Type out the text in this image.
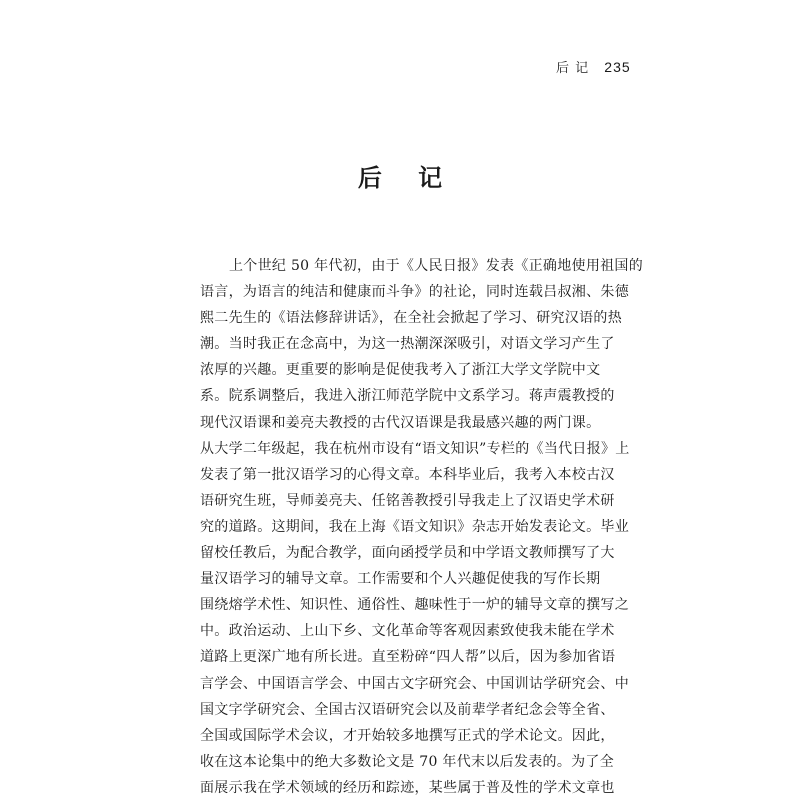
后 记 235
后 记
上个世纪 50 年代初，由于《人民日报》发表《正确地使用祖国的
语言，为语言的纯洁和健康而斗争》的社论，同时连载吕叔湘、朱德
熙二先生的《语法修辞讲话》，在全社会掀起了学习、研究汉语的热
潮。当时我正在念高中，为这一热潮深深吸引，对语文学习产生了
浓厚的兴趣。更重要的影响是促使我考入了浙江大学文学院中文
系。院系调整后，我进入浙江师范学院中文系学习。蒋声震教授的
现代汉语课和姜亮夫教授的古代汉语课是我最感兴趣的两门课。
从大学二年级起，我在杭州市设有“语文知识”专栏的《当代日报》上
发表了第一批汉语学习的心得文章。本科毕业后，我考入本校古汉
语研究生班，导师姜亮夫、任铭善教授引导我走上了汉语史学术研
究的道路。这期间，我在上海《语文知识》杂志开始发表论文。毕业
留校任教后，为配合教学，面向函授学员和中学语文教师撰写了大
量汉语学习的辅导文章。工作需要和个人兴趣促使我的写作长期
围绕熔学术性、知识性、通俗性、趣味性于一炉的辅导文章的撰写之
中。政治运动、上山下乡、文化革命等客观因素致使我未能在学术
道路上更深广地有所长进。直至粉碎“四人帮”以后，因为参加省语
言学会、中国语言学会、中国古文字研究会、中国训诂学研究会、中
国文字学研究会、全国古汉语研究会以及前辈学者纪念会等全省、
全国或国际学术会议，才开始较多地撰写正式的学术论文。因此，
收在这本论集中的绝大多数论文是 70 年代末以后发表的。为了全
面展示我在学术领域的经历和踪迹，某些属于普及性的学术文章也
